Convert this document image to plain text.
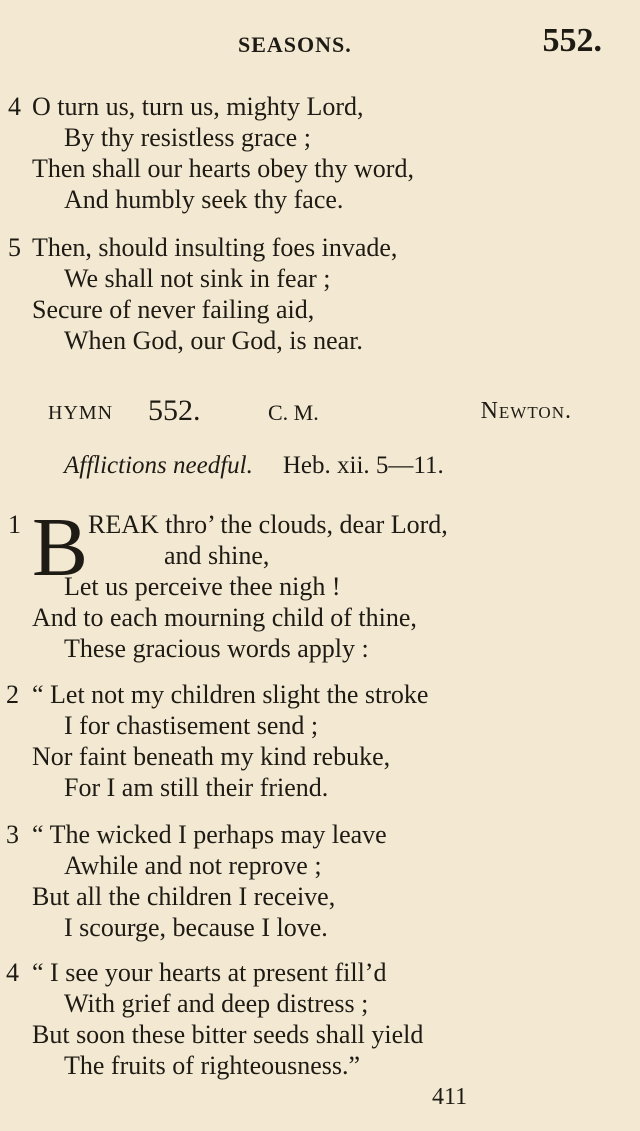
SEASONS.	552.
4 O turn us, turn us, mighty Lord,
By thy resistless grace ;
Then shall our hearts obey thy word,
And humbly seek thy face.
5 Then, should insulting foes invade,
We shall not sink in fear ;
Secure of never failing aid,
When God, our God, is near.
HYMN 552.	C. M.	Newton.
Afflictions needful. Heb. xii. 5—11.
1 B REAK thro’ the clouds, dear Lord,
and shine,
Let us perceive thee nigh !
And to each mourning child of thine,
These gracious words apply :
2 “ Let not my children slight the stroke
I for chastisement send ;
Nor faint beneath my kind rebuke,
For I am still their friend.
3 “ The wicked I perhaps may leave
Awhile and not reprove ;
But all the children I receive,
I scourge, because I love.
4 “ I see your hearts at present fill’d
With grief and deep distress ;
But soon these bitter seeds shall yield
The fruits of righteousness.”
411
